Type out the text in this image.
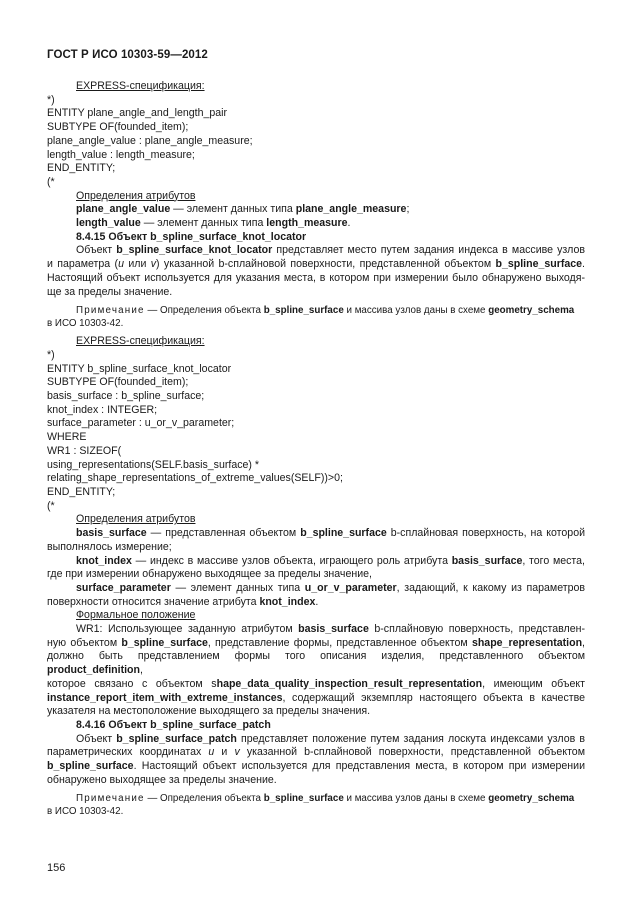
ГОСТ Р ИСО 10303-59—2012
EXPRESS-спецификация:
*)
ENTITY plane_angle_and_length_pair
SUBTYPE OF(founded_item);
plane_angle_value : plane_angle_measure;
length_value : length_measure;
END_ENTITY;
(*
Определения атрибутов
plane_angle_value — элемент данных типа plane_angle_measure;
length_value — элемент данных типа length_measure.
8.4.15 Объект b_spline_surface_knot_locator
Объект b_spline_surface_knot_locator представляет место путем задания индекса в массиве узлов
и параметра (u или v) указанной b-сплайновой поверхности, представленной объектом b_spline_surface.
Настоящий объект используется для указания места, в котором при измерении было обнаружено выходя-
ще за пределы значение.
Примечание — Определения объекта b_spline_surface и массива узлов даны в схеме geometry_schema
в ИСО 10303-42.
EXPRESS-спецификация:
*)
ENTITY b_spline_surface_knot_locator
SUBTYPE OF(founded_item);
basis_surface : b_spline_surface;
knot_index : INTEGER;
surface_parameter : u_or_v_parameter;
WHERE
WR1 : SIZEOF(
using_representations(SELF.basis_surface) *
relating_shape_representations_of_extreme_values(SELF))>0;
END_ENTITY;
(*
Определения атрибутов
basis_surface — представленная объектом b_spline_surface b-сплайновая поверхность, на которой
выполнялось измерение;
knot_index — индекс в массиве узлов объекта, играющего роль атрибута basis_surface, того места,
где при измерении обнаружено выходящее за пределы значение,
surface_parameter — элемент данных типа u_or_v_parameter, задающий, к какому из параметров
поверхности относится значение атрибута knot_index.
Формальное положение
WR1: Использующее заданную атрибутом basis_surface b-сплайновую поверхность, представлен-
ную объектом b_spline_surface, представление формы, представленное объектом shape_representation,
должно быть представлением формы того описания изделия, представленного объектом product_definition,
которое связано с объектом shape_data_quality_inspection_result_representation, имеющим объект
instance_report_item_with_extreme_instances, содержащий экземпляр настоящего объекта в качестве
указателя на местоположение выходящего за пределы значения.
8.4.16 Объект b_spline_surface_patch
Объект b_spline_surface_patch представляет положение путем задания лоскута индексами узлов в
параметрических координатах u и v указанной b-сплайновой поверхности, представленной объектом
b_spline_surface. Настоящий объект используется для представления места, в котором при измерении
обнаружено выходящее за пределы значение.
Примечание — Определения объекта b_spline_surface и массива узлов даны в схеме geometry_schema
в ИСО 10303-42.
156
